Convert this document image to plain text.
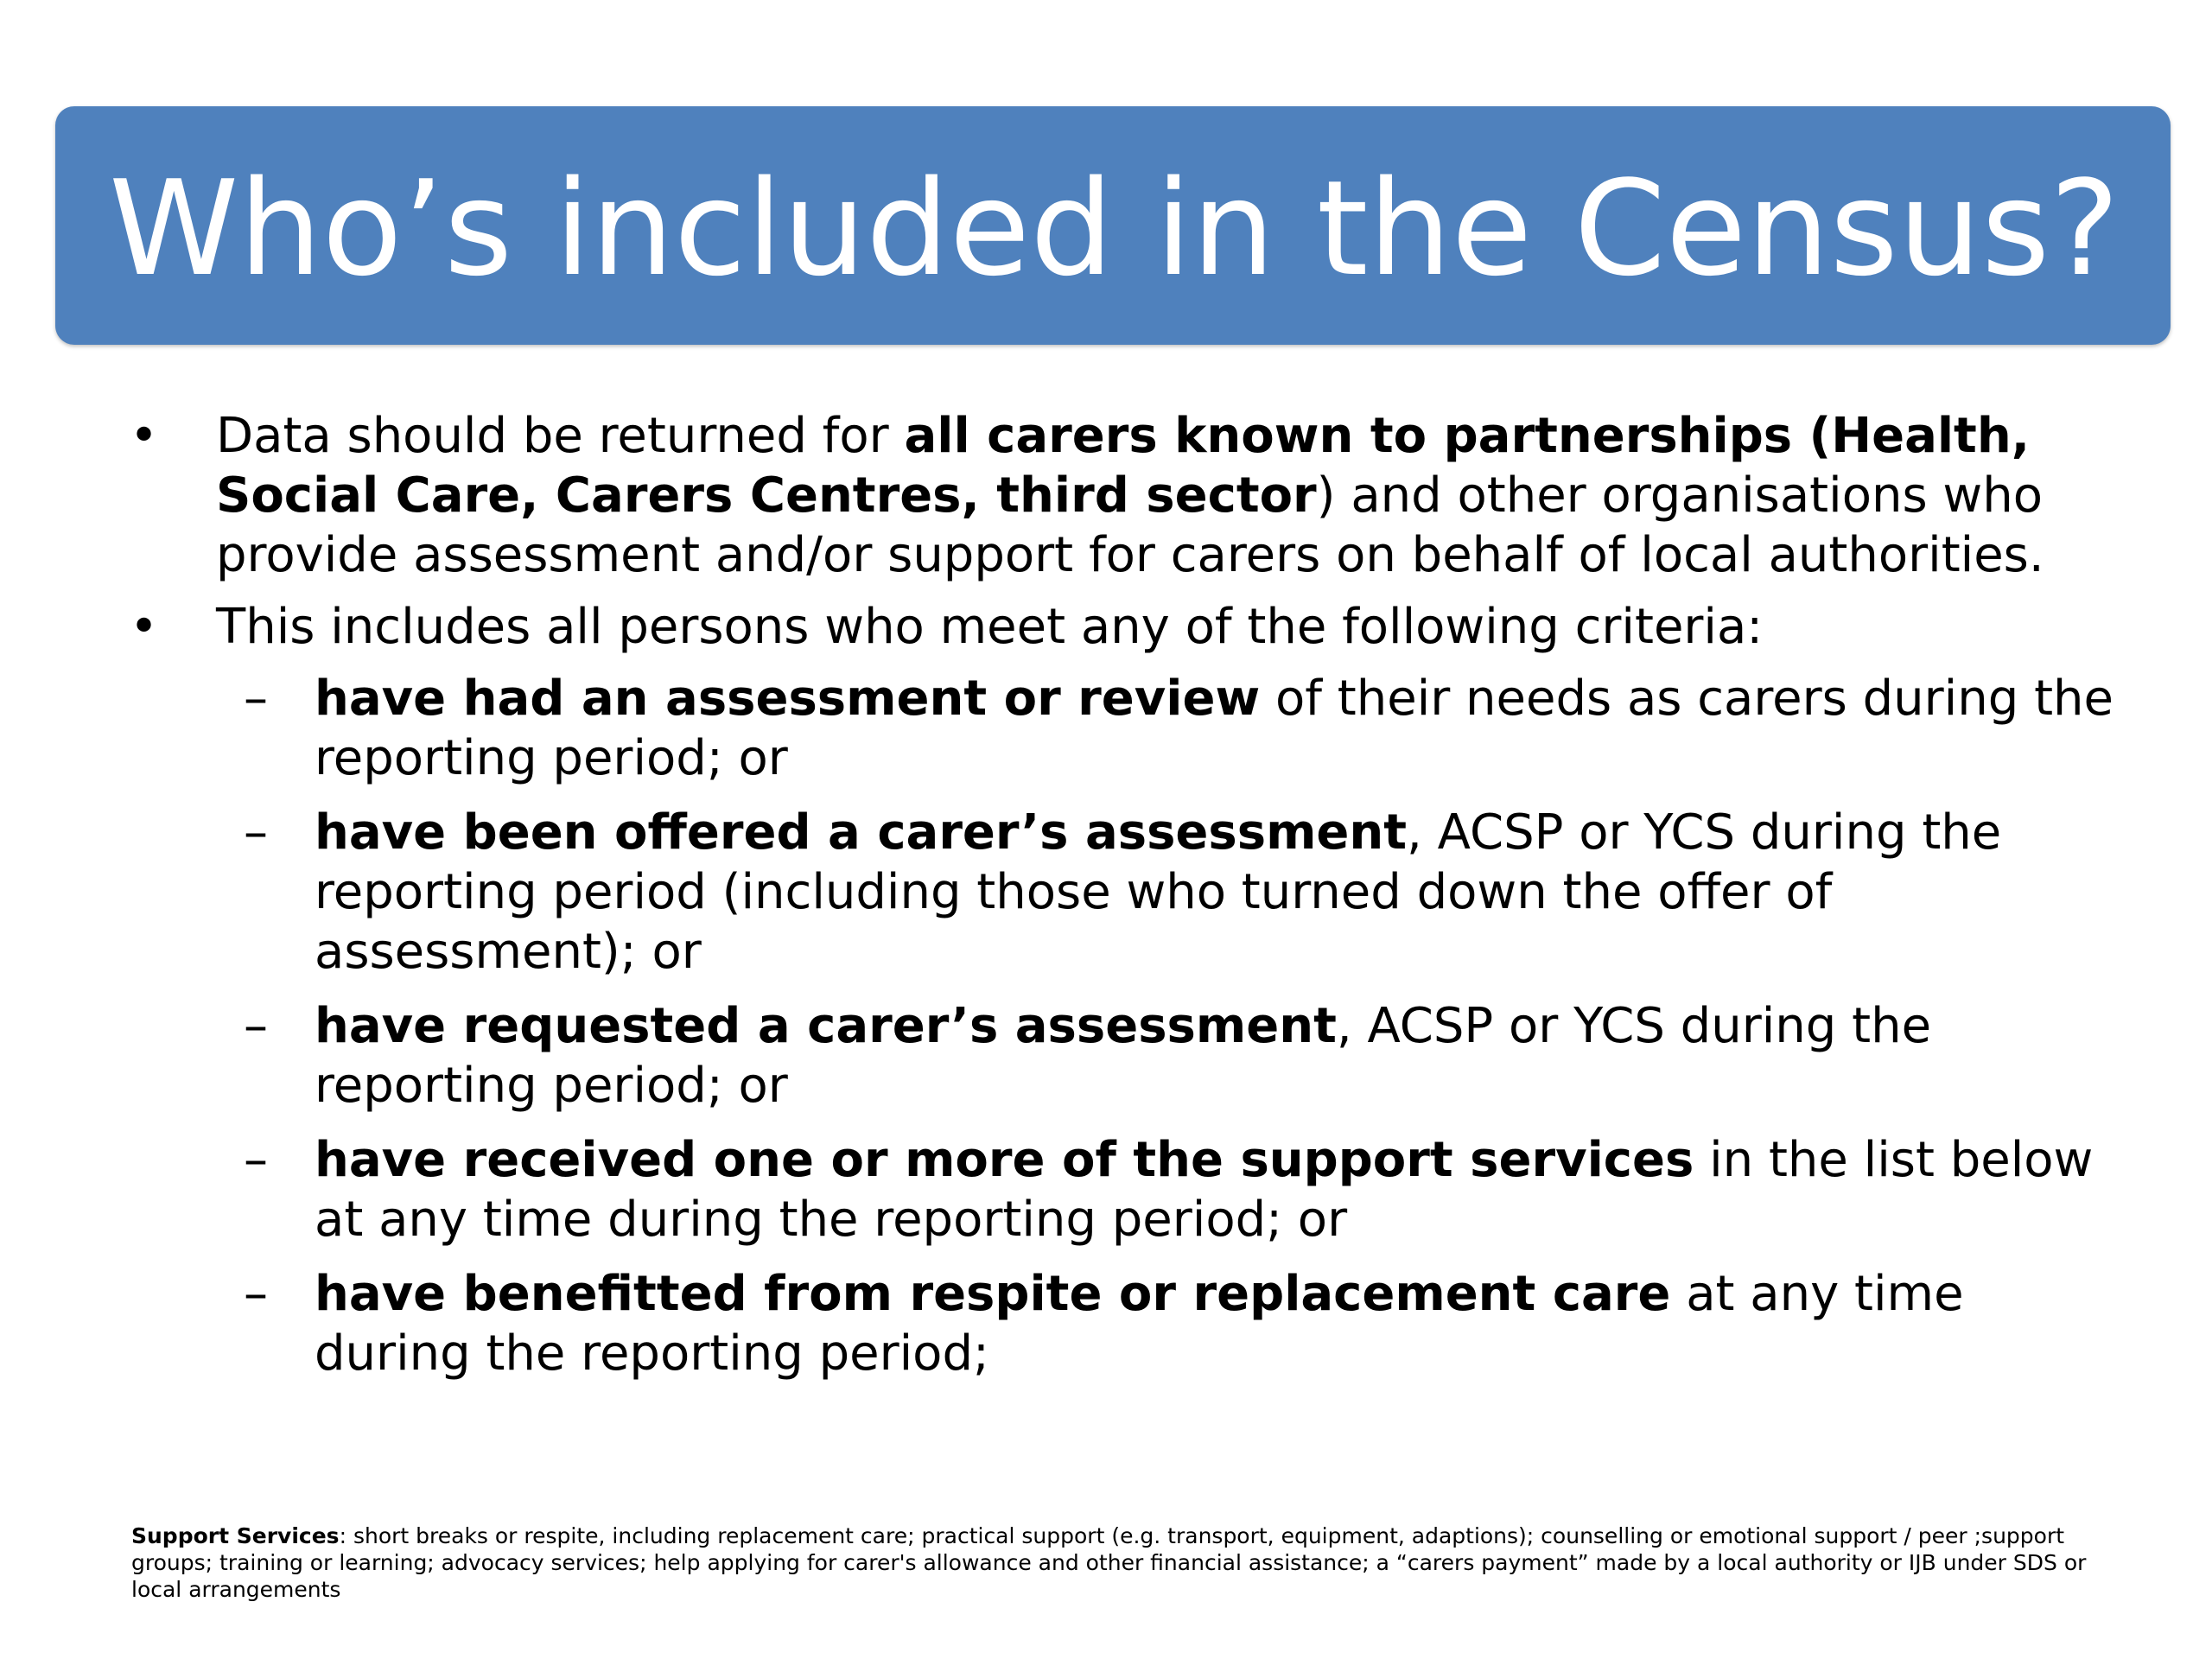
Who’s included in the Census?
• Data should be returned for all carers known to partnerships (Health, Social Care, Carers Centres, third sector) and other organisations who provide assessment and/or support for carers on behalf of local authorities.
• This includes all persons who meet any of the following criteria:
– have had an assessment or review of their needs as carers during the reporting period; or
– have been offered a carer’s assessment, ACSP or YCS during the reporting period (including those who turned down the offer of assessment); or
– have requested a carer’s assessment, ACSP or YCS during the reporting period; or
– have received one or more of the support services in the list below at any time during the reporting period; or
– have benefitted from respite or replacement care at any time during the reporting period;
Support Services: short breaks or respite, including replacement care; practical support (e.g. transport, equipment, adaptions); counselling or emotional support / peer ;support groups; training or learning; advocacy services; help applying for carer's allowance and other financial assistance; a “carers payment” made by a local authority or IJB under SDS or local arrangements
